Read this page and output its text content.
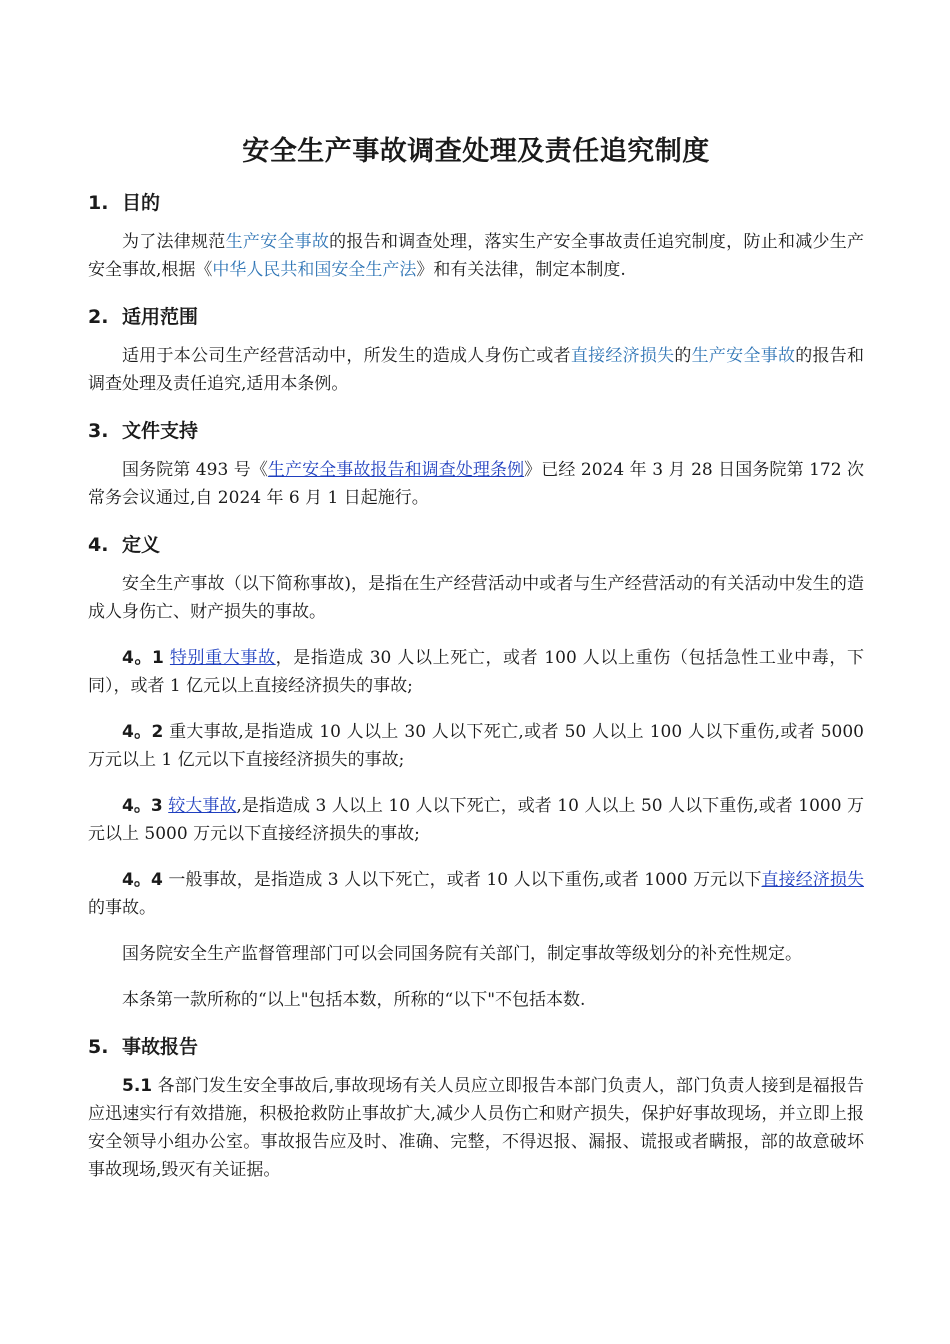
安全生产事故调查处理及责任追究制度
1. 目的

为了法律规范生产安全事故的报告和调查处理，落实生产安全事故责任追究制度，防止和减少生产安全事故,根据《中华人民共和国安全生产法》和有关法律，制定本制度.

2. 适用范围

适用于本公司生产经营活动中，所发生的造成人身伤亡或者直接经济损失的生产安全事故的报告和调查处理及责任追究,适用本条例。

3. 文件支持

国务院第 493 号《生产安全事故报告和调查处理条例》已经 2024 年 3 月 28 日国务院第 172 次常务会议通过,自 2024 年 6 月 1 日起施行。

4. 定义

安全生产事故（以下简称事故)，是指在生产经营活动中或者与生产经营活动的有关活动中发生的造成人身伤亡、财产损失的事故。

4。1 特别重大事故，是指造成 30 人以上死亡，或者 100 人以上重伤（包括急性工业中毒，下同），或者 1 亿元以上直接经济损失的事故;

4。2 重大事故,是指造成 10 人以上 30 人以下死亡,或者 50 人以上 100 人以下重伤,或者 5000 万元以上 1 亿元以下直接经济损失的事故;

4。3 较大事故,是指造成 3 人以上 10 人以下死亡，或者 10 人以上 50 人以下重伤,或者 1000 万元以上 5000 万元以下直接经济损失的事故;

4。4 一般事故，是指造成 3 人以下死亡，或者 10 人以下重伤,或者 1000 万元以下直接经济损失的事故。

国务院安全生产监督管理部门可以会同国务院有关部门，制定事故等级划分的补充性规定。

本条第一款所称的“以上"包括本数，所称的“以下"不包括本数.

5. 事故报告

5.1 各部门发生安全事故后,事故现场有关人员应立即报告本部门负责人，部门负责人接到是福报告应迅速实行有效措施，积极抢救防止事故扩大,减少人员伤亡和财产损失，保护好事故现场，并立即上报安全领导小组办公室。事故报告应及时、准确、完整，不得迟报、漏报、谎报或者瞒报，部的故意破坏事故现场,毁灭有关证据。
